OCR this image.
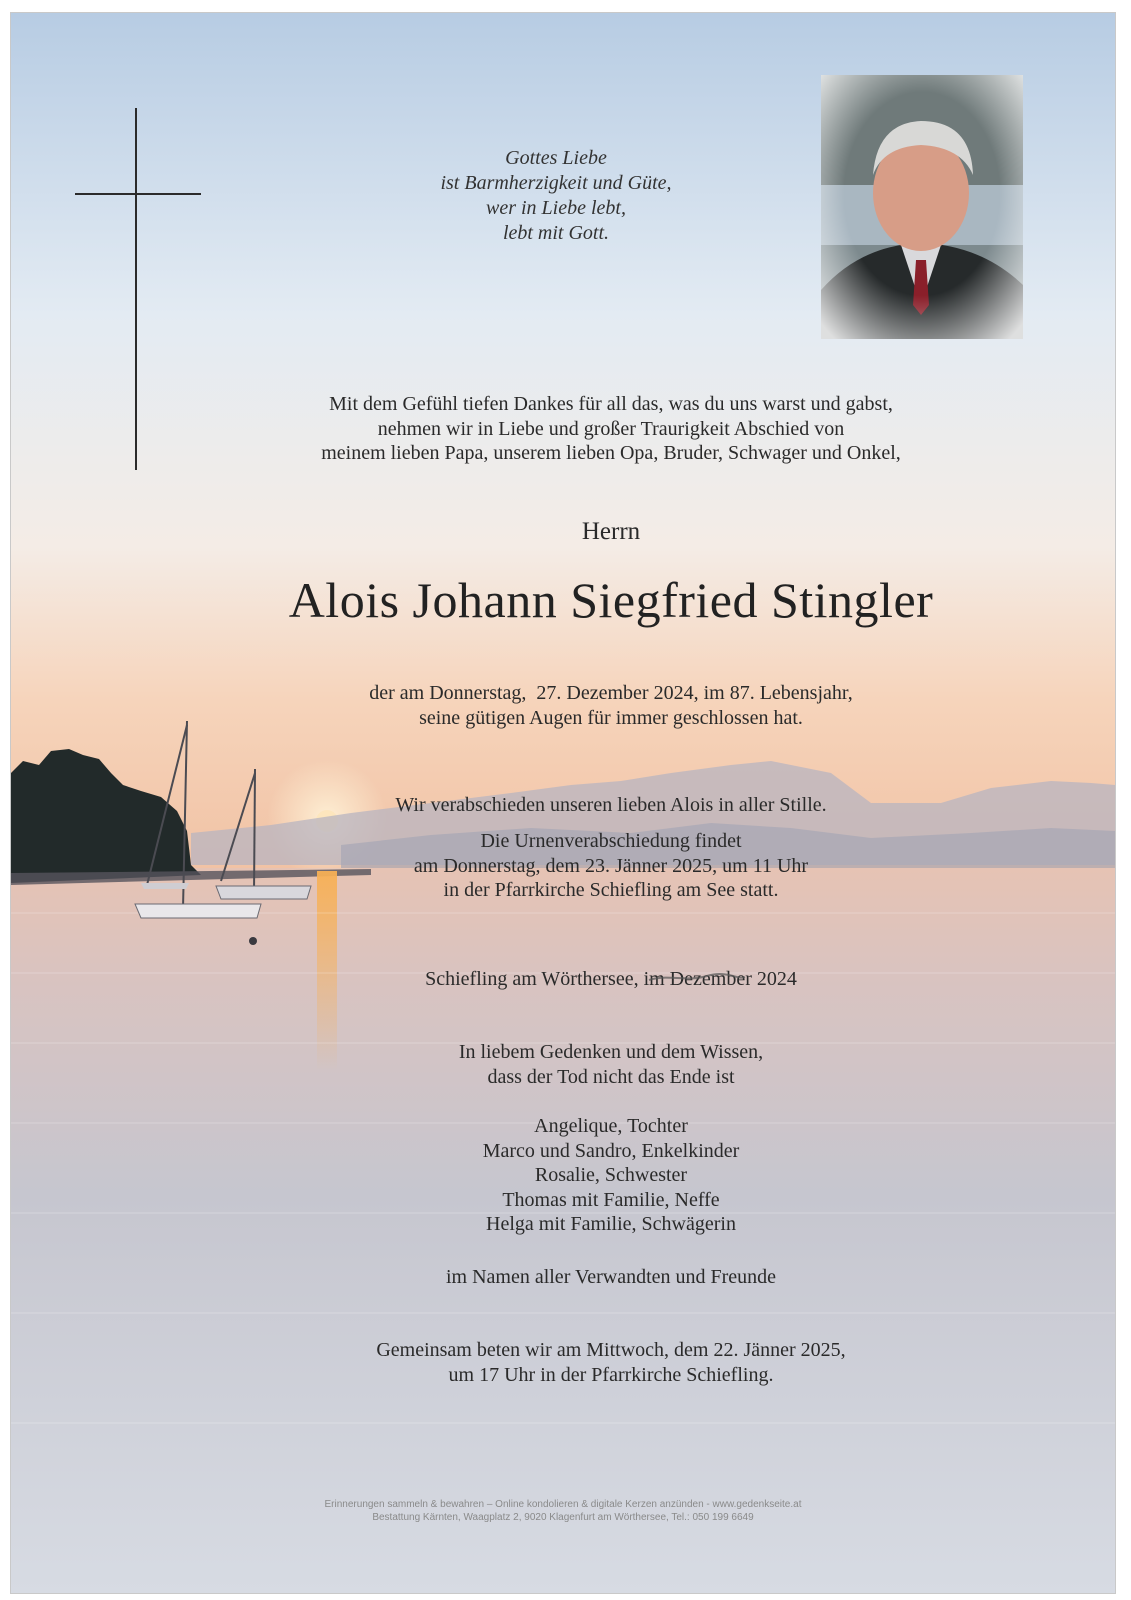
Gottes Liebe
ist Barmherzigkeit und Güte,
wer in Liebe lebt,
lebt mit Gott.
Mit dem Gefühl tiefen Dankes für all das, was du uns warst und gabst,
nehmen wir in Liebe und großer Traurigkeit Abschied von
meinem lieben Papa, unserem lieben Opa, Bruder, Schwager und Onkel,
Herrn
Alois Johann Siegfried Stingler
der am Donnerstag,  27. Dezember 2024, im 87. Lebensjahr,
seine gütigen Augen für immer geschlossen hat.
Wir verabschieden unseren lieben Alois in aller Stille.
Die Urnenverabschiedung findet
am Donnerstag, dem 23. Jänner 2025, um 11 Uhr
in der Pfarrkirche Schiefling am See statt.
Schiefling am Wörthersee, im Dezember 2024
In liebem Gedenken und dem Wissen,
dass der Tod nicht das Ende ist
Angelique, Tochter
Marco und Sandro, Enkelkinder
Rosalie, Schwester
Thomas mit Familie, Neffe
Helga mit Familie, Schwägerin
im Namen aller Verwandten und Freunde
Gemeinsam beten wir am Mittwoch, dem 22. Jänner 2025,
um 17 Uhr in der Pfarrkirche Schiefling.
Erinnerungen sammeln & bewahren – Online kondolieren & digitale Kerzen anzünden - www.gedenkseite.at
Bestattung Kärnten, Waagplatz 2, 9020 Klagenfurt am Wörthersee, Tel.: 050 199 6649
